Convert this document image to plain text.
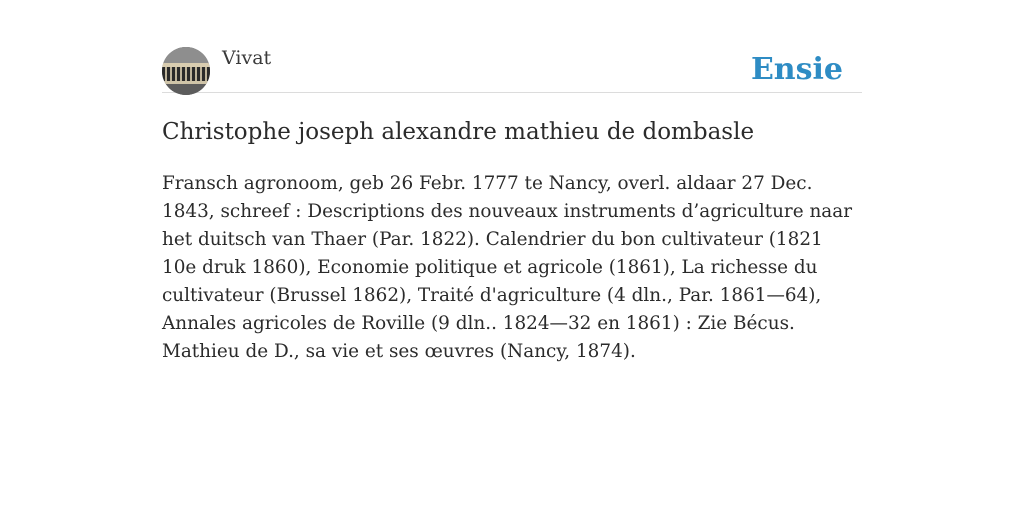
Vivat	Ensie
Christophe joseph alexandre mathieu de dombasle

Fransch agronoom, geb 26 Febr. 1777 te Nancy, overl. aldaar 27 Dec. 1843, schreef : Descriptions des nouveaux instruments d’agriculture naar het duitsch van Thaer (Par. 1822). Calendrier du bon cultivateur (1821 10e druk 1860), Economie politique et agricole (1861), La richesse du cultivateur (Brussel 1862), Traité d'agriculture (4 dln., Par. 1861—64), Annales agricoles de Roville (9 dln.. 1824—32 en 1861) : Zie Bécus. Mathieu de D., sa vie et ses œuvres (Nancy, 1874).
